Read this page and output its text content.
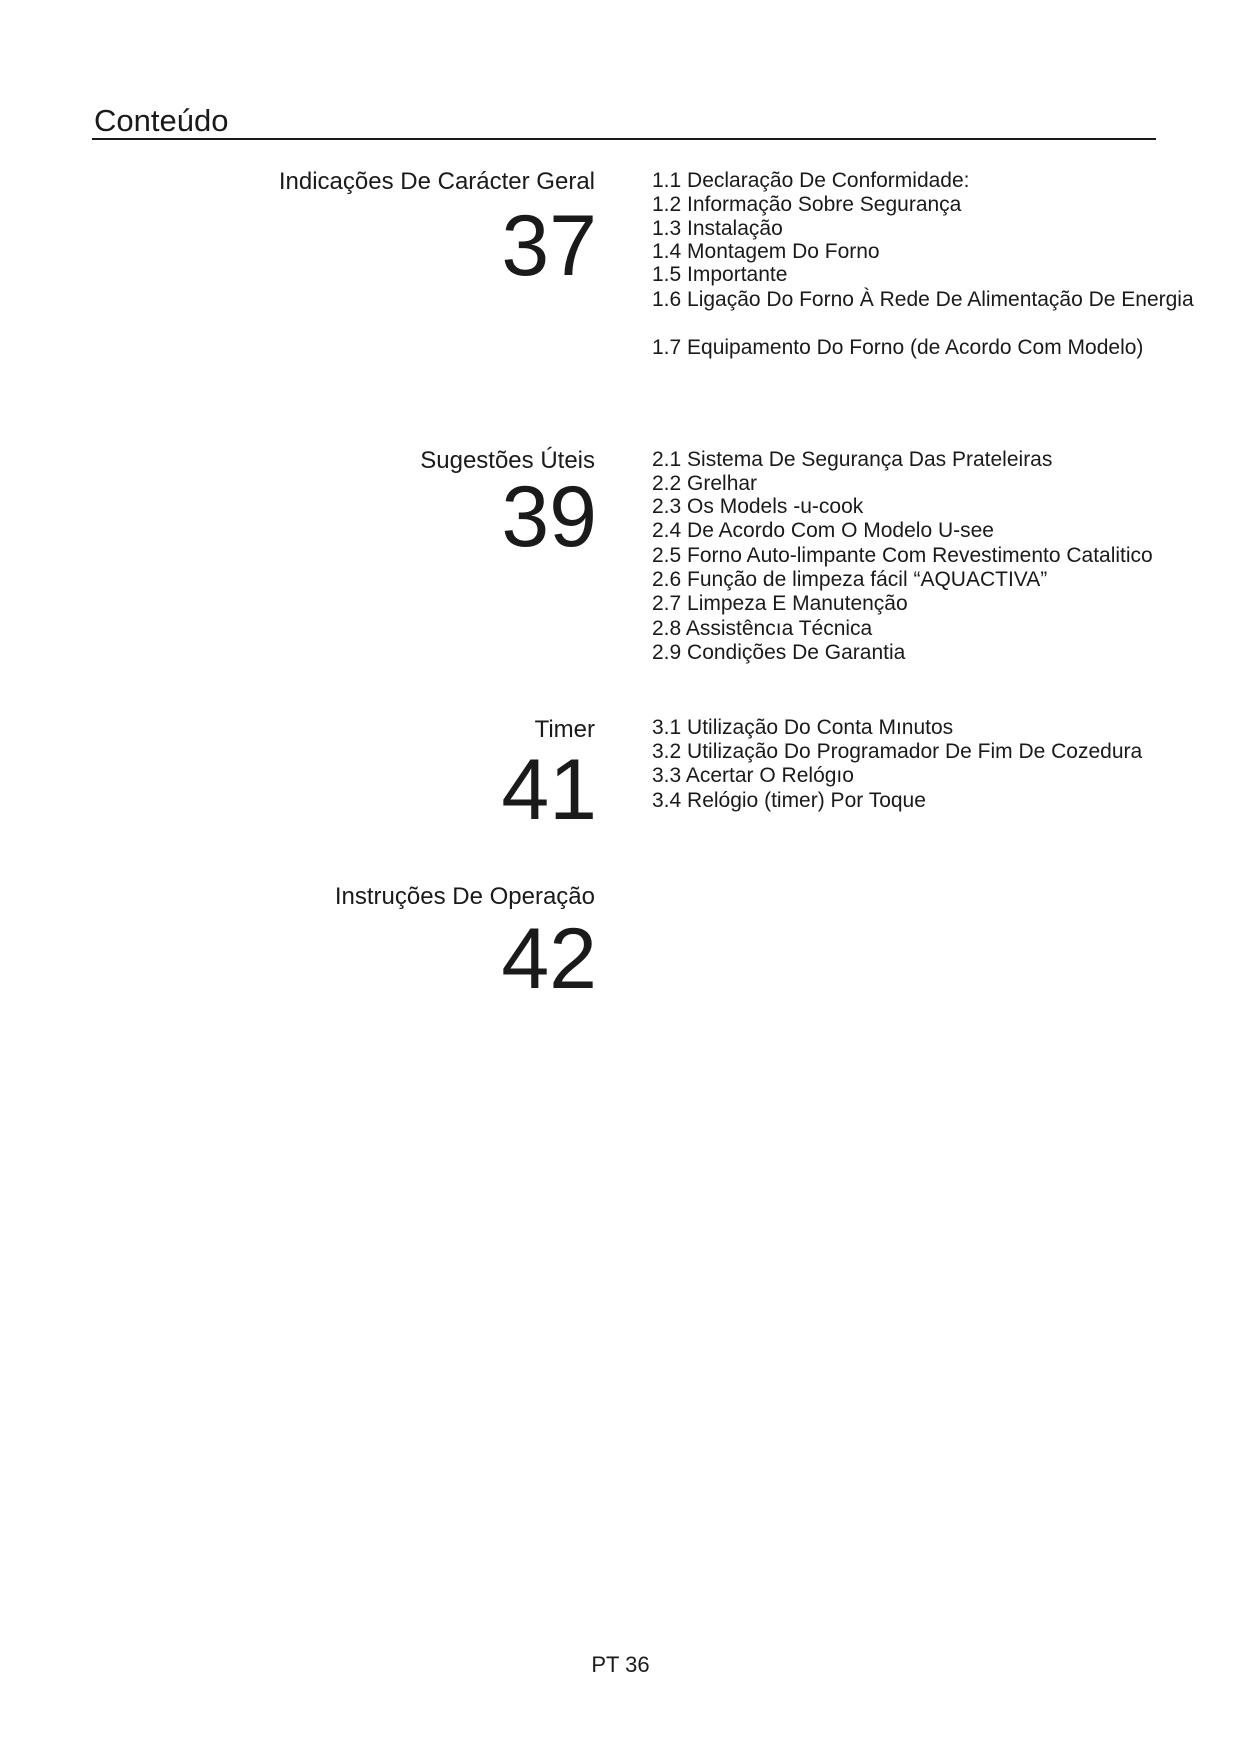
Conteúdo
Indicações De Carácter Geral
37
1.1 Declaração De Conformidade:
1.2 Informação Sobre Segurança
1.3 Instalação
1.4 Montagem Do Forno
1.5 Importante
1.6 Ligação Do Forno À Rede De Alimentação De Energia
1.7 Equipamento Do Forno (de Acordo Com Modelo)
Sugestões Úteis
39
2.1 Sistema De Segurança Das Prateleiras
2.2 Grelhar
2.3 Os Models -u-cook
2.4 De Acordo Com O Modelo U-see
2.5 Forno Auto-limpante Com Revestimento Catalitico
2.6 Função de limpeza fácil “AQUACTIVA”
2.7 Limpeza E Manutenção
2.8 Assistêncıa Técnica
2.9 Condições De Garantia
Timer
41
3.1 Utilização Do Conta Mınutos
3.2 Utilização Do Programador De Fim De Cozedura
3.3 Acertar O Relógıo
3.4 Relógio (timer) Por Toque
Instruções De Operação
42
PT 36
